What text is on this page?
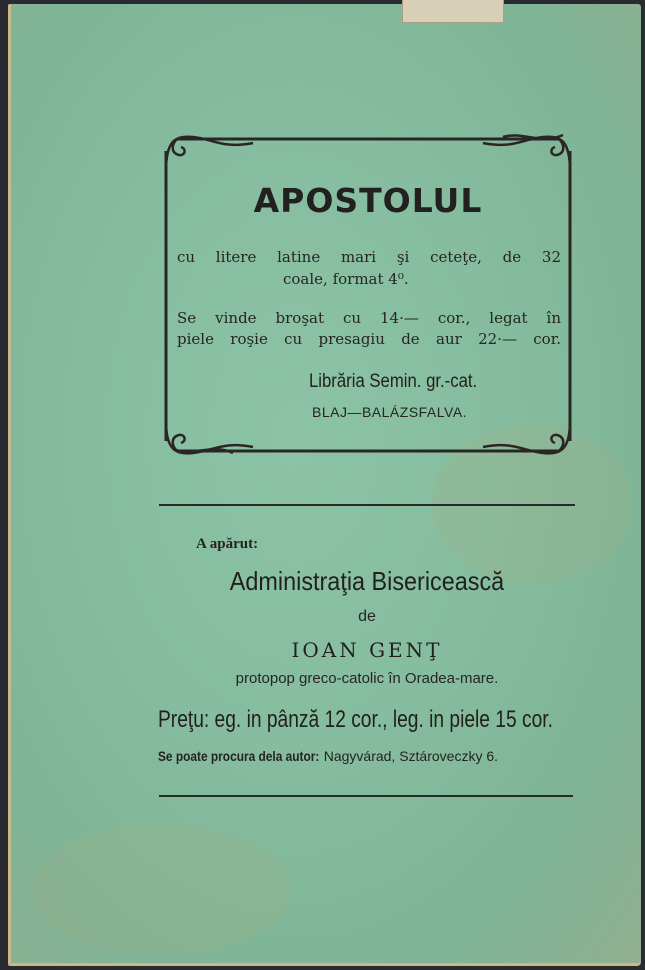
APOSTOLUL
cu litere latine mari şi ceteţe, de 32
coale, format 4⁰.
Se vinde broşat cu 14·— cor., legat în
piele roşie cu presagiu de aur 22·— cor.
Librăria Semin. gr.-cat.
BLAJ—BALÁZSFALVA.
A apărut:
Administraţia Bisericească
de
IOAN GENŢ
protopop greco-catolic în Oradea-mare.
Preţu: eg. in pânză 12 cor., leg. in piele 15 cor.
Se poate procura dela autor: Nagyvárad, Sztároveczky 6.
